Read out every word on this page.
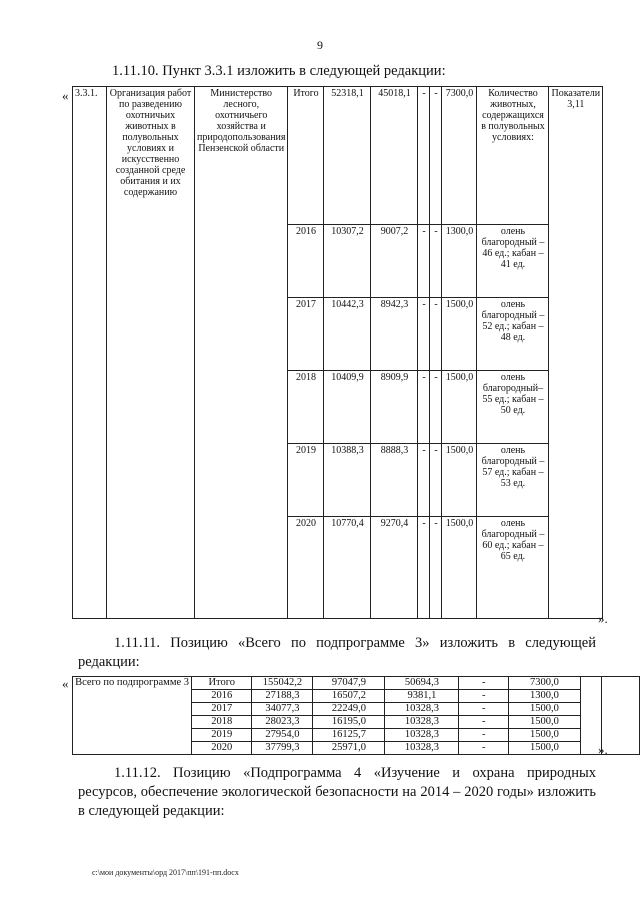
9
1.11.10. Пункт 3.3.1 изложить в следующей редакции:
« 3.3.1.	Организация работ по разведению охотничьих животных в полувольных условиях и искусственно созданной среде обитания и их содержанию	Министерство лесного, охотничьего хозяйства и природопользования Пензенской области	Итого	52318,1	45018,1	-	-	7300,0	Количество животных, содержащихся в полувольных условиях:	Показатели 3,11
			2016	10307,2	9007,2	-	-	1300,0	олень благородный – 46 ед.; кабан – 41 ед.	
			2017	10442,3	8942,3	-	-	1500,0	олень благородный – 52 ед.; кабан – 48 ед.	
			2018	10409,9	8909,9	-	-	1500,0	олень благородный– 55 ед.; кабан – 50 ед.	
			2019	10388,3	8888,3	-	-	1500,0	олень благородный – 57 ед.; кабан – 53 ед.	
			2020	10770,4	9270,4	-	-	1500,0	олень благородный – 60 ед.; кабан – 65 ед.	
».
1.11.11. Позицию «Всего по подпрограмме 3» изложить в следующей редакции:
« Всего по подпрограмме 3	Итого	155042,2	97047,9	50694,3	-	7300,0		
	2016	27188,3	16507,2	9381,1	-	1300,0		
	2017	34077,3	22249,0	10328,3	-	1500,0		
	2018	28023,3	16195,0	10328,3	-	1500,0		
	2019	27954,0	16125,7	10328,3	-	1500,0		
	2020	37799,3	25971,0	10328,3	-	1500,0			».
1.11.12. Позицию «Подпрограмма 4 «Изучение и охрана природных ресурсов, обеспечение экологической безопасности на 2014 – 2020 годы» изложить в следующей редакции:
c:\мои документы\орд 2017\пп\191-пп.docx
